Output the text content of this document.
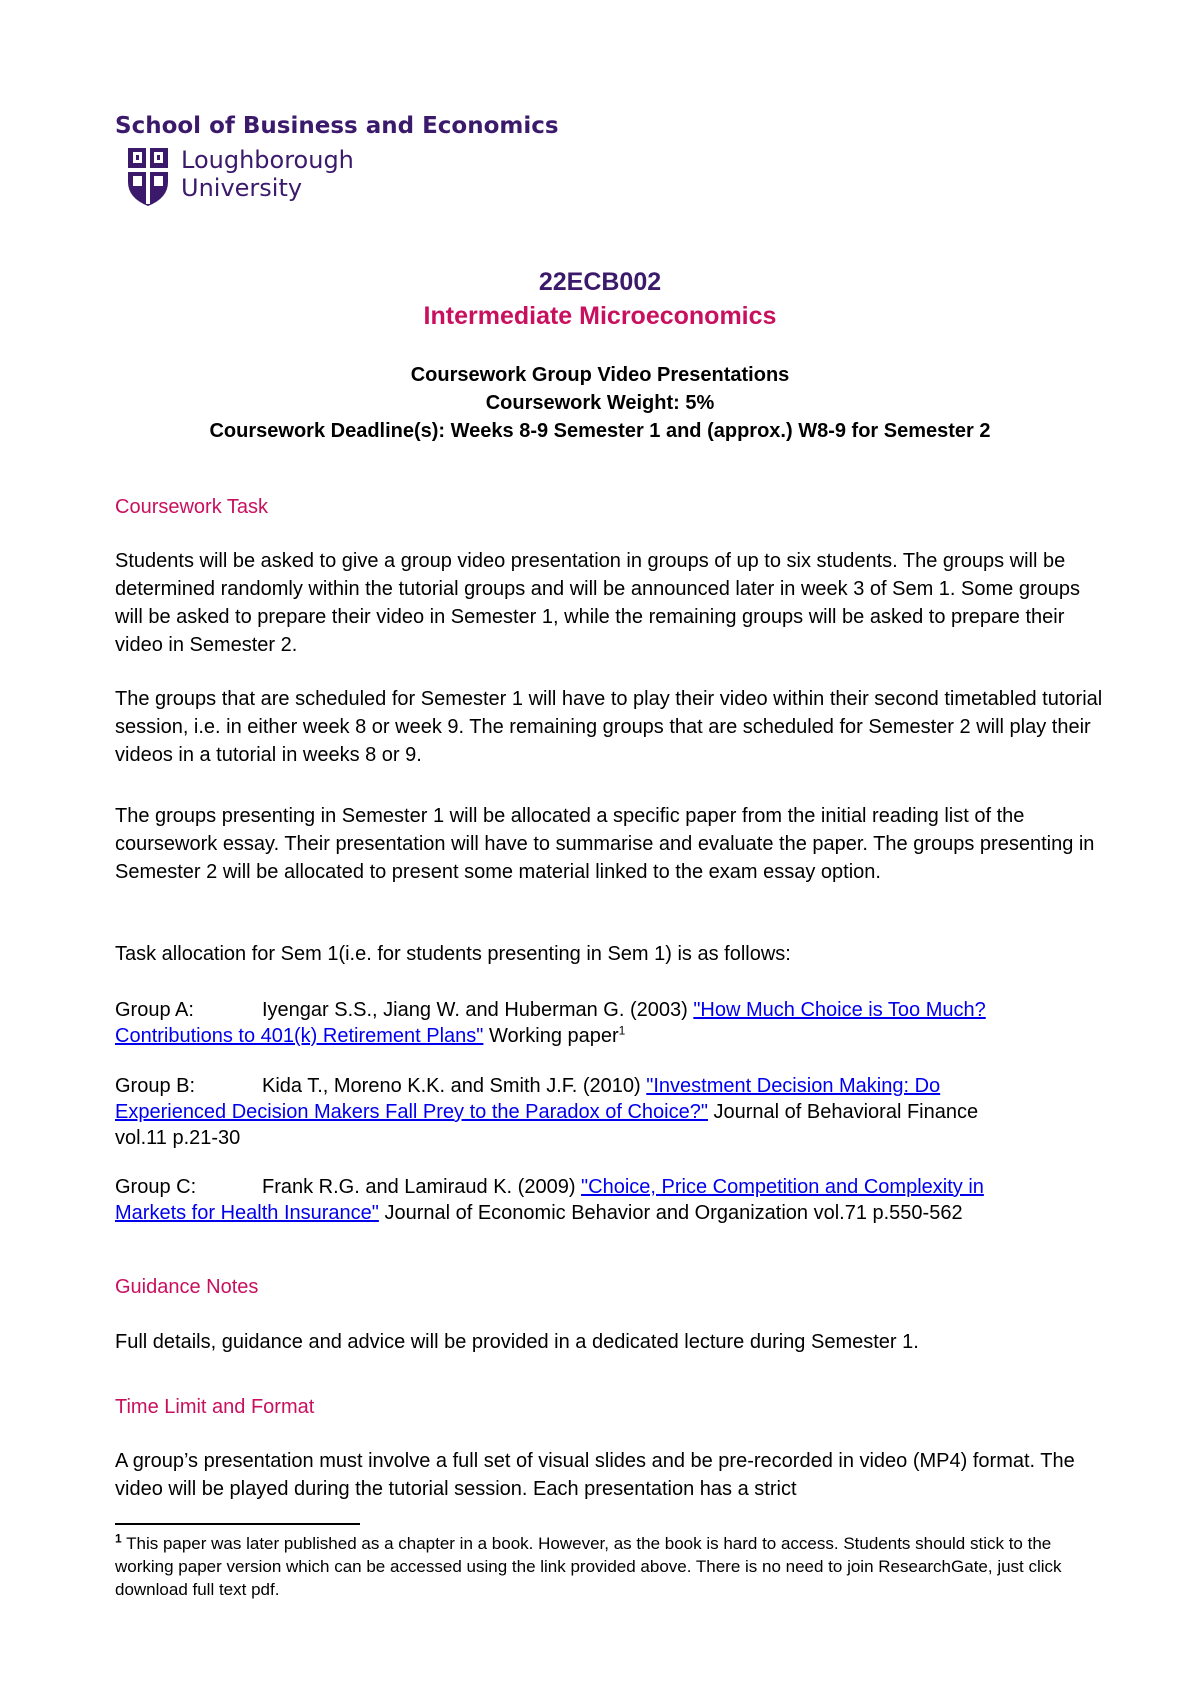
School of Business and Economics
Loughborough
University
22ECB002
Intermediate Microeconomics

Coursework Group Video Presentations

Coursework Weight: 5%

Coursework Deadline(s): Weeks 8-9 Semester 1 and (approx.) W8-9 for Semester 2

Coursework Task

Students will be asked to give a group video presentation in groups of up to six students. The groups will be determined randomly within the tutorial groups and will be announced later in week 3 of Sem 1. Some groups will be asked to prepare their video in Semester 1, while the remaining groups will be asked to prepare their video in Semester 2.

The groups that are scheduled for Semester 1 will have to play their video within their second timetabled tutorial session, i.e. in either week 8 or week 9. The remaining groups that are scheduled for Semester 2 will play their videos in a tutorial in weeks 8 or 9.

The groups presenting in Semester 1 will be allocated a specific paper from the initial reading list of the coursework essay. Their presentation will have to summarise and evaluate the paper. The groups presenting in Semester 2 will be allocated to present some material linked to the exam essay option.

Task allocation for Sem 1(i.e. for students presenting in Sem 1) is as follows:

Group A:	Iyengar S.S., Jiang W. and Huberman G. (2003) "How Much Choice is Too Much?
Contributions to 401(k) Retirement Plans" Working paper$^1$
Group B:	Kida T., Moreno K.K. and Smith J.F. (2010) "Investment Decision Making: Do
Experienced Decision Makers Fall Prey to the Paradox of Choice?" Journal of Behavioral Finance
vol.11 p.21-30
Group C:	Frank R.G. and Lamiraud K. (2009) "Choice, Price Competition and Complexity in
Markets for Health Insurance" Journal of Economic Behavior and Organization vol.71 p.550-562
Guidance Notes

Full details, guidance and advice will be provided in a dedicated lecture during Semester 1.

Time Limit and Format

A group’s presentation must involve a full set of visual slides and be pre-recorded in video (MP4) format. The video will be played during the tutorial session. Each presentation has a strict

$^1$ This paper was later published as a chapter in a book. However, as the book is hard to access. Students should stick to the working paper version which can be accessed using the link provided above. There is no need to join ResearchGate, just click download full text pdf.
